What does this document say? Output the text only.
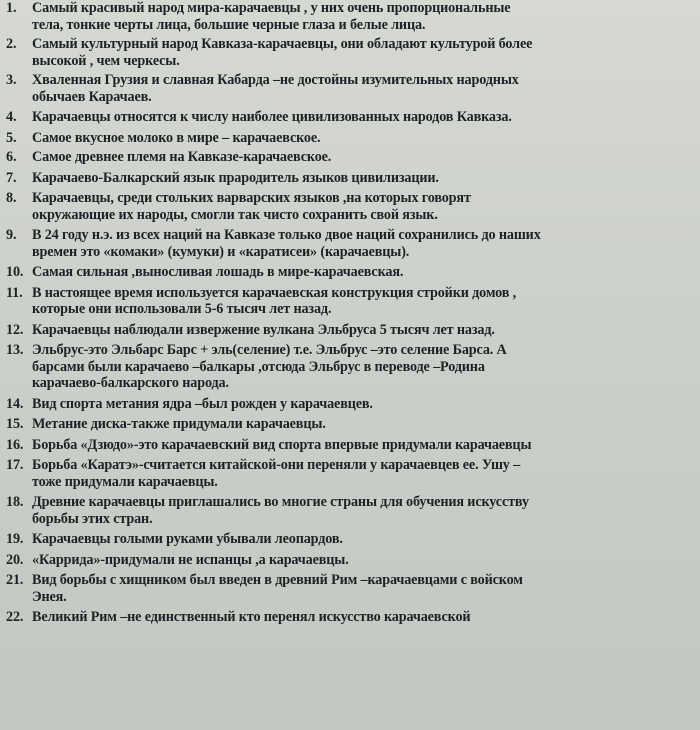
1.	Самый красивый народ мира-карачаевцы , у них очень пропорциональные
тела, тонкие черты лица, большие черные глаза и белые лица.
2.	Самый культурный народ Кавказа-карачаевцы, они обладают культурой более
высокой , чем черкесы.
3.	Хваленная Грузия и славная Кабарда –не достойны изумительных народных
обычаев Карачаев.
4.	Карачаевцы относятся к числу наиболее цивилизованных народов Кавказа.
5.	Самое вкусное молоко в мире – карачаевское.
6.	Самое древнее племя на Кавказе-карачаевское.
7.	Карачаево-Балкарский язык прародитель языков цивилизации.
8.	Карачаевцы, среди стольких варварских языков ,на которых говорят
окружающие их народы, смогли так чисто сохранить свой язык.
9.	В 24 году н.э. из всех наций на Кавказе только двое наций сохранились до наших
времен это «комаки» (кумуки) и «каратисеи» (карачаевцы).
10. Самая сильная ,выносливая лошадь в мире-карачаевская.
11. В настоящее время используется карачаевская конструкция стройки домов ,
которые они использовали 5-6 тысяч лет назад.
12. Карачаевцы наблюдали извержение вулкана Эльбруса 5 тысяч лет назад.
13. Эльбрус-это Эльбарс Барс + эль(селение) т.е. Эльбрус –это селение Барса. А
барсами были карачаево –балкары ,отсюда Эльбрус в переводе –Родина
карачаево-балкарского народа.
14. Вид спорта метания ядра –был рожден у карачаевцев.
15. Метание диска-также придумали карачаевцы.
16. Борьба «Дзюдо»-это карачаевский вид спорта впервые придумали карачаевцы
17. Борьба «Каратэ»-считается китайской-они переняли у карачаевцев ее. Ушу –
тоже придумали карачаевцы.
18. Древние карачаевцы приглашались во многие страны для обучения искусству
борьбы этих стран.
19. Карачаевцы голыми руками убывали леопардов.
20. «Каррида»-придумали не испанцы ,а карачаевцы.
21. Вид борьбы с хищником был введен в древний Рим –карачаевцами с войском
Энея.
22. Великий Рим –не единственный кто перенял искусство карачаевской
